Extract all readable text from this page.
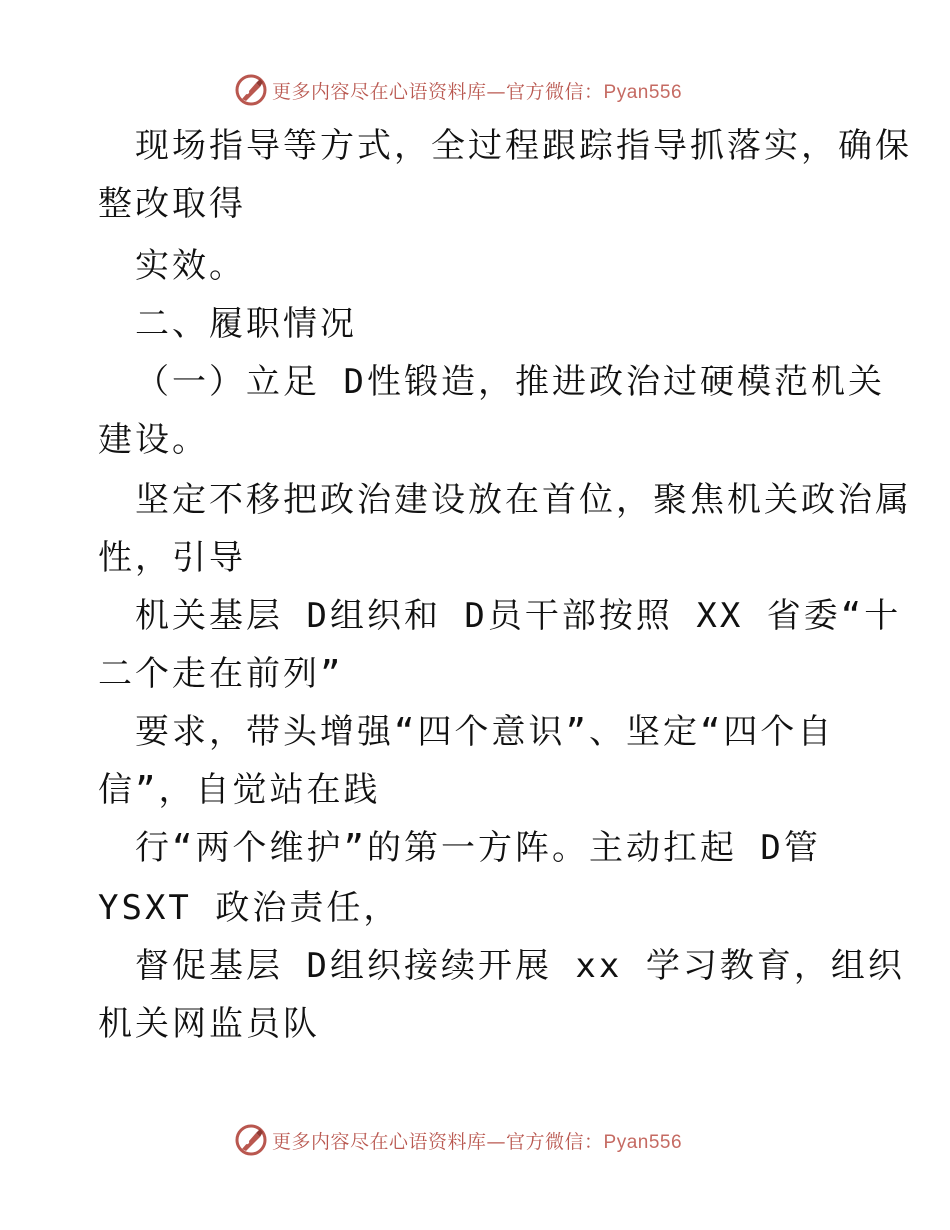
更多内容尽在心语资料库—官方微信：Pyan556
现场指导等方式，全过程跟踪指导抓落实，确保
整改取得
实效。
二、履职情况
（一）立足 D性锻造，推进政治过硬模范机关
建设。
坚定不移把政治建设放在首位，聚焦机关政治属
性，引导
机关基层 D组织和 D员干部按照 XX 省委“十
二个走在前列”
要求，带头增强“四个意识”、坚定“四个自
信”，自觉站在践
行“两个维护”的第一方阵。主动扛起 D管
YSXT 政治责任，
督促基层 D组织接续开展 xx 学习教育，组织
机关网监员队
更多内容尽在心语资料库—官方微信：Pyan556
